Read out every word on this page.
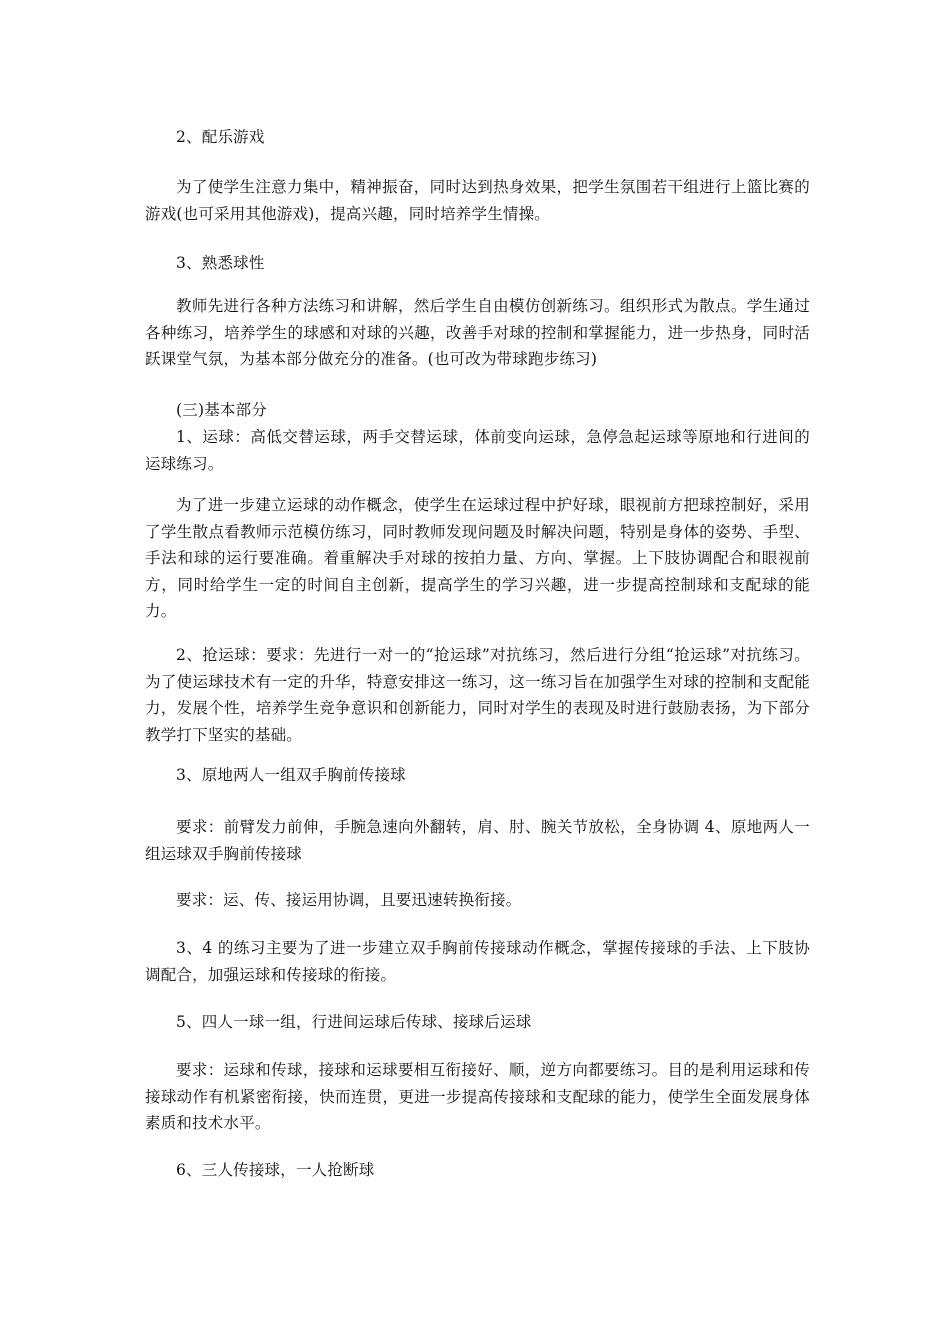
2、配乐游戏

为了使学生注意力集中，精神振奋，同时达到热身效果，把学生氛围若干组进行上篮比赛的游戏(也可采用其他游戏)，提高兴趣，同时培养学生情操。

3、熟悉球性

教师先进行各种方法练习和讲解，然后学生自由模仿创新练习。组织形式为散点。学生通过各种练习，培养学生的球感和对球的兴趣，改善手对球的控制和掌握能力，进一步热身，同时活跃课堂气氛，为基本部分做充分的准备。(也可改为带球跑步练习)

(三)基本部分

1、运球：高低交替运球，两手交替运球，体前变向运球，急停急起运球等原地和行进间的运球练习。

为了进一步建立运球的动作概念，使学生在运球过程中护好球，眼视前方把球控制好，采用了学生散点看教师示范模仿练习，同时教师发现问题及时解决问题，特别是身体的姿势、手型、手法和球的运行要准确。着重解决手对球的按拍力量、方向、掌握。上下肢协调配合和眼视前方，同时给学生一定的时间自主创新，提高学生的学习兴趣，进一步提高控制球和支配球的能力。

2、抢运球：要求：先进行一对一的“抢运球”对抗练习，然后进行分组“抢运球”对抗练习。为了使运球技术有一定的升华，特意安排这一练习，这一练习旨在加强学生对球的控制和支配能力，发展个性，培养学生竞争意识和创新能力，同时对学生的表现及时进行鼓励表扬，为下部分教学打下坚实的基础。

3、原地两人一组双手胸前传接球

要求：前臂发力前伸，手腕急速向外翻转，肩、肘、腕关节放松，全身协调 4、原地两人一组运球双手胸前传接球

要求：运、传、接运用协调，且要迅速转换衔接。

3、4 的练习主要为了进一步建立双手胸前传接球动作概念，掌握传接球的手法、上下肢协调配合，加强运球和传接球的衔接。

5、四人一球一组，行进间运球后传球、接球后运球

要求：运球和传球，接球和运球要相互衔接好、顺，逆方向都要练习。目的是利用运球和传接球动作有机紧密衔接，快而连贯，更进一步提高传接球和支配球的能力，使学生全面发展身体素质和技术水平。

6、三人传接球，一人抢断球
